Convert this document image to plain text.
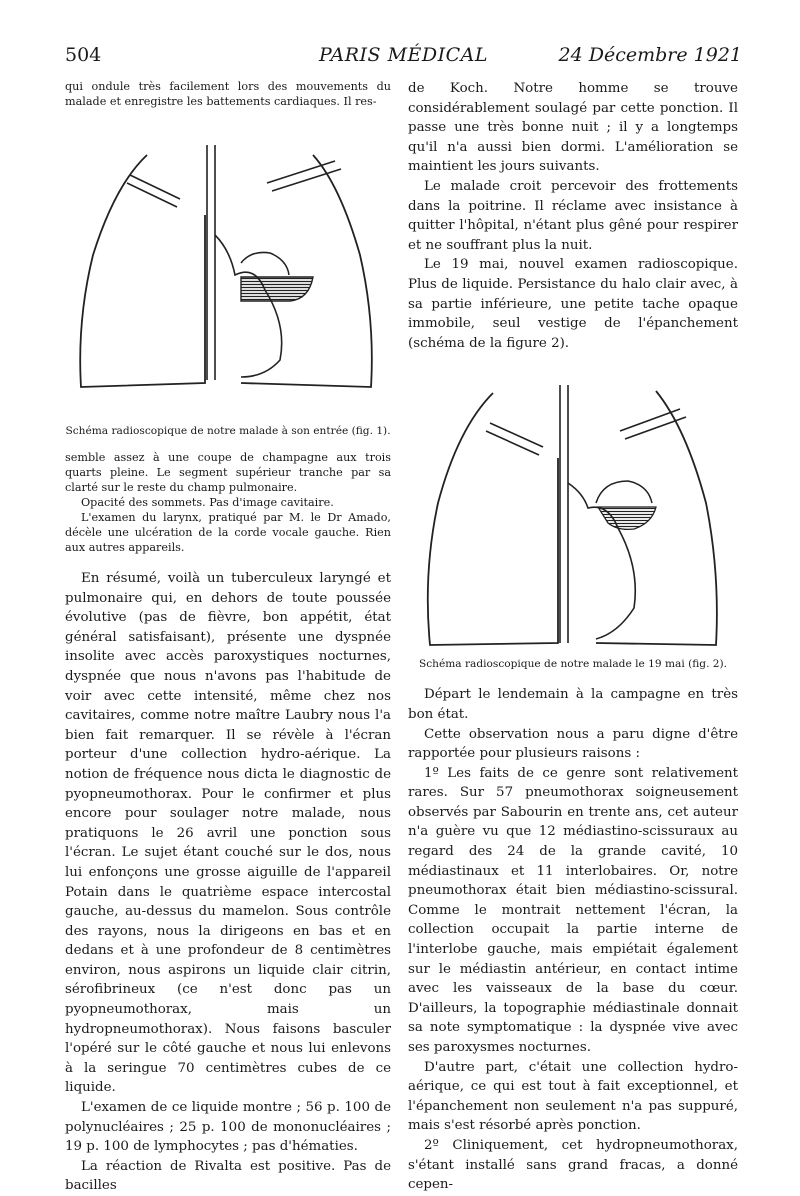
504	PARIS MÉDICAL	24 Décembre 1921

qui ondule très facilement lors des mouvements du malade et enregistre les battements cardiaques. Il res-

Schéma radioscopique de notre malade à son entrée (fig. 1).

semble assez à une coupe de champagne aux trois quarts pleine. Le segment supérieur tranche par sa clarté sur le reste du champ pulmonaire.

Opacité des sommets. Pas d'image cavitaire.

L'examen du larynx, pratiqué par M. le Dr Amado, décèle une ulcération de la corde vocale gauche. Rien aux autres appareils.

En résumé, voilà un tuberculeux laryngé et pulmonaire qui, en dehors de toute poussée évolutive (pas de fièvre, bon appétit, état général satisfaisant), présente une dyspnée insolite avec accès paroxystiques nocturnes, dyspnée que nous n'avons pas l'habitude de voir avec cette intensité, même chez nos cavitaires, comme notre maître Laubry nous l'a bien fait remarquer. Il se révèle à l'écran porteur d'une collection hydro-aérique. La notion de fréquence nous dicta le diagnostic de pyopneumothorax. Pour le confirmer et plus encore pour soulager notre malade, nous pratiquons le 26 avril une ponction sous l'écran. Le sujet étant couché sur le dos, nous lui enfonçons une grosse aiguille de l'appareil Potain dans le quatrième espace intercostal gauche, au-dessus du mamelon. Sous contrôle des rayons, nous la dirigeons en bas et en dedans et à une profondeur de 8 centimètres environ, nous aspirons un liquide clair citrin, sérofibrineux (ce n'est donc pas un pyopneumothorax, mais un hydropneumothorax). Nous faisons basculer l'opéré sur le côté gauche et nous lui enlevons à la seringue 70 centimètres cubes de ce liquide.

L'examen de ce liquide montre ; 56 p. 100 de polynucléaires ; 25 p. 100 de mononucléaires ; 19 p. 100 de lymphocytes ; pas d'hématies.

La réaction de Rivalta est positive. Pas de bacilles

de Koch. Notre homme se trouve considérablement soulagé par cette ponction. Il passe une très bonne nuit ; il y a longtemps qu'il n'a aussi bien dormi. L'amélioration se maintient les jours suivants.

Le malade croit percevoir des frottements dans la poitrine. Il réclame avec insistance à quitter l'hôpital, n'étant plus gêné pour respirer et ne souffrant plus la nuit.

Le 19 mai, nouvel examen radioscopique. Plus de liquide. Persistance du halo clair avec, à sa partie inférieure, une petite tache opaque immobile, seul vestige de l'épanchement (schéma de la figure 2).

Schéma radioscopique de notre malade le 19 mai (fig. 2).

Départ le lendemain à la campagne en très bon état.

Cette observation nous a paru digne d'être rapportée pour plusieurs raisons :

1º Les faits de ce genre sont relativement rares. Sur 57 pneumothorax soigneusement observés par Sabourin en trente ans, cet auteur n'a guère vu que 12 médiastino-scissuraux au regard des 24 de la grande cavité, 10 médiastinaux et 11 interlobaires. Or, notre pneumothorax était bien médiastino-scissural. Comme le montrait nettement l'écran, la collection occupait la partie interne de l'interlobe gauche, mais empiétait également sur le médiastin antérieur, en contact intime avec les vaisseaux de la base du cœur. D'ailleurs, la topographie médiastinale donnait sa note symptomatique : la dyspnée vive avec ses paroxysmes nocturnes.

D'autre part, c'était une collection hydro-aérique, ce qui est tout à fait exceptionnel, et l'épanchement non seulement n'a pas suppuré, mais s'est résorbé après ponction.

2º Cliniquement, cet hydropneumothorax, s'étant installé sans grand fracas, a donné cepen-
